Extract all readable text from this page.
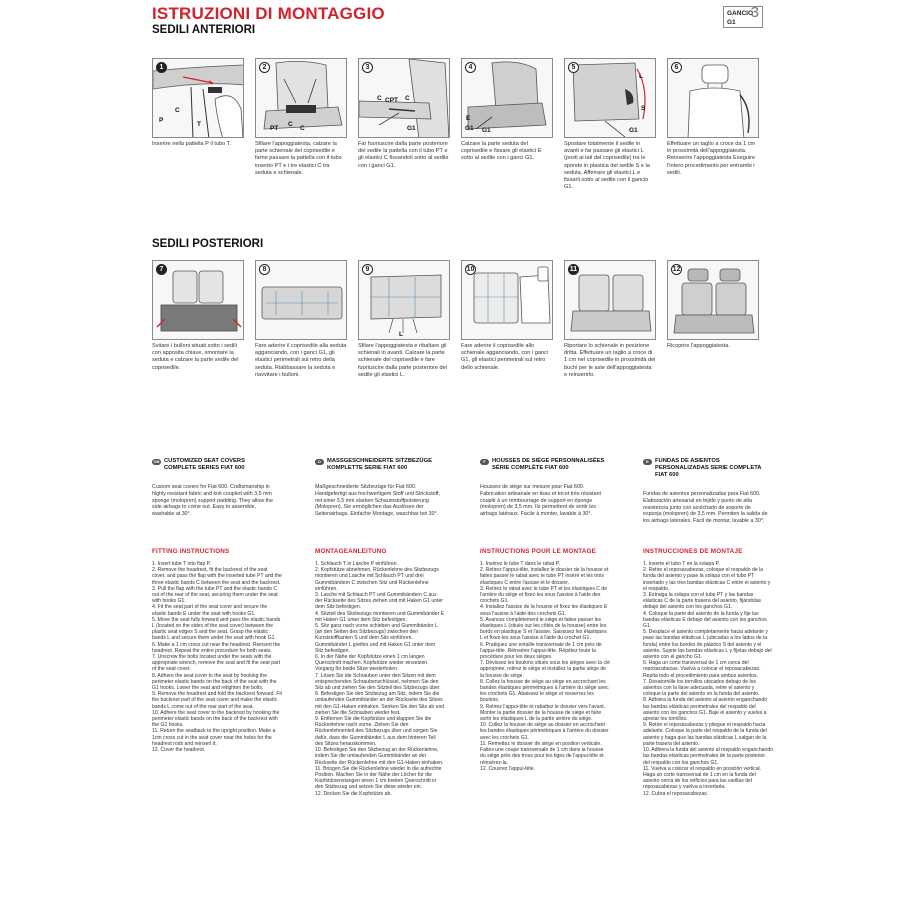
ISTRUZIONI DI MONTAGGIO
SEDILI ANTERIORI
GANCIO
G1
3
1
P
C
T
Inserire nella pattella P il tubo T.
2
PT
C
C
Sfilare l'appoggiatesta, calzare la parte schienale del coprisedile e farne passare la pattella con il tubo inserito PT e i tre elastici C tra seduta e schienale.
3
C CPT C
G1
Far fuoriuscire dalla parte posteriore del sedile la pattella con il tubo PT e gli elastici C fissandoli sotto al sedile con i ganci G1.
4
E
G1 G1
Calzare la parte seduta del coprisedile e fissare gli elastici E sotto al sedile con i ganci G1.
5
L
S
G1
Spostare totalmente il sedile in avanti e far passare gli elastici L (posti ai lati del coprisedile) tra le sponde in plastica del sedile S e la seduta. Afferrare gli elastici L e fissarli sotto al sedile con il gancio G1.
6
Effettuare un taglio a croce da 1 cm in prossimità dell'appoggiatesta. Reinserire l'appoggiatesta Eseguire l'intero procedimento per entrambi i sedili.
SEDILI POSTERIORI
7
Svitare i bulloni situati sotto i sedili con apposita chiave, smontare la seduta e calzare la parte sedile del coprisedile.
8
Fare aderire il coprisedile alla seduta agganciando, con i ganci G1, gli elastici perimetrali sul retro della seduta. Riabbassare la seduta e riavvitare i bulloni.
9
L
Sfilare l'appoggiatesta e ribaltare gli schienali in avanti. Calzare la parte schienale del coprisedile e fare fuoriuscire dalla parte posteriore del sedile gli elastici L.
10
Fare aderire il coprisedile allo schienale agganciando, con i ganci G1, gli elastici perimetrali sul retro dello schienale.
11
Riportare lo schienale in posizione dritta. Effettuare un taglio a croce di 1 cm nel coprisedile in prossimità dei buchi per le aste dell'appoggiatesta e reinserirlo.
12
Ricoprire l'appoggiatesta.
GB CUSTOMIZED SEAT COVERS COMPLETE SERIES FIAT 600
Custom seat covers for Fiat 600. Craftsmanship in highly resistant fabric and knit coupled with 3,5 mm sponge (molopren) support padding. They allow the side airbags to come out. Easy to assemble, washable at 30°.
D	MASSGESCHNEIDERTE SITZBEZÜGE KOMPLETTE SERIE FIAT 600
Maßgeschneiderte Sitzbezüge für Fiat 600. Handgefertigt aus hochwertigem Stoff und Strickstoff, mit einer 3,5 mm starken Schaumstoffpolsterung (Molopren). Sie ermöglichen das Auslösen der Seitenairbags. Einfache Montage, waschbar bei 30°.
F	HOUSSES DE SIÈGE PERSONNALISÉES SÉRIE COMPLÈTE FIAT 600
Housses de siège sur mesure pour Fiat 600. Fabrication artisanale en tissu et tricot très résistant couplé à un rembourrage de support en éponge (molopren) de 3,5 mm. Ils permettent de sortir les airbags latéraux. Facile à monter, lavable à 30°.
E	FUNDAS DE ASIENTOS PERSONALIZADAS SERIE COMPLETA FIAT 600
Fundas de asientos personalizadas para Fiat 600. Elaboración artesanal en tejido y punto de alta resistencia junto con acolchado de soporte de esponja (molopren) de 3,5 mm. Permiten la salida de los airbags laterales. Fácil de montar, lavable a 30°.
FITTING INSTRUCTIONS
1. Insert tube T into flap P.
2. Remove the headrest, fit the backrest of the seat cover, and pass the flap with the inserted tube PT and the three elastic bands C between the seat and the backrest.
3. Pull the flap with the tube PT and the elastic bands C out of the rear of the seat, securing them under the seat with hooks G1.
4. Fit the seat part of the seat cover and secure the elastic bands E under the seat with hooks G1.
5. Move the seat fully forward and pass the elastic bands L (located on the sides of the seat cover) between the plastic seat edges S and the seat. Grasp the elastic bands L and secure them under the seat with hook G1.
6. Make a 1 cm cross cut near the headrest. Reinsert the headrest. Repeat the entire procedure for both seats.
7. Unscrew the bolts located under the seats with the appropriate wrench, remove the seat and fit the seat part of the seat cover.
8. Adhere the seat cover to the seat by hooking the perimeter elastic bands on the back of the seat with the G1 hooks. Lower the seat and retighten the bolts.
9. Remove the headrest and fold the backrest forward. Fit the backrest part of the seat cover and make the elastic bands L come out of the rear part of the seat.
10. Adhere the seat cover to the backrest by hooking the perimeter elastic bands on the back of the backrest with the G1 hooks.
11. Return the seatback to the upright position. Make a 1cm cross cut in the seat cover near the holes for the headrest rods and reinsert it.
12. Cover the headrest.
MONTAGEANLEITUNG
1. Schlauch T in Lasche P einführen.
2. Kopfstütze abnehmen, Rückenlehne des Sitzbezugs montieren und Lasche mit Schlauch PT und drei Gummibändern C zwischen Sitz und Rückenlehne einführen.
3. Lasche mit Schlauch PT und Gummibändern C aus der Rückseite des Sitzes ziehen und mit Haken G1 unter dem Sitz befestigen.
4. Sitzteil des Sitzbezugs montieren und Gummibänder E mit Haken G1 unter dem Sitz befestigen.
5. Sitz ganz nach vorne schieben und Gummibänder L (an den Seiten des Sitzbezugs) zwischen den Kunststoffkanten S und dem Sitz einführen. Gummibänder L greifen und mit Haken G1 unter dem Sitz befestigen.
6. In der Nähe der Kopfstütze einen 1 cm langen Querschnitt machen. Kopfstütze wieder einsetzen. Vorgang für beide Sitze wiederholen.
7. Lösen Sie die Schrauben unter den Sitzen mit dem entsprechenden Schraubenschlüssel, nehmen Sie den Sitz ab und ziehen Sie den Sitzteil des Sitzbezugs über.
8. Befestigen Sie den Sitzbezug am Sitz, indem Sie die umlaufenden Gummibänder an der Rückseite des Sitzes mit den G1-Haken einhaken. Senken Sie den Sitz ab und ziehen Sie die Schrauben wieder fest.
9. Entfernen Sie die Kopfstütze und klappen Sie die Rückenlehne nach vorne. Ziehen Sie den Rückenlehnenteil des Sitzbezugs über und sorgen Sie dafür, dass die Gummibänder L aus dem hinteren Teil des Sitzes herauskommen.
10. Befestigen Sie den Sitzbezug an der Rückenlehne, indem Sie die umlaufenden Gummibänder an der Rückseite der Rückenlehne mit den G1-Haken einhaken.
11. Bringen Sie die Rückenlehne wieder in die aufrechte Position. Machen Sie in der Nähe der Löcher für die Kopfstützenstangen einen 1 cm breiten Querschnitt in den Sitzbezug und setzen Sie diese wieder ein.
12. Decken Sie die Kopfstütze ab.
INSTRUCTIONS POUR LE MONTAGE
1. Insérez le tube T dans le rabat P.
2. Retirez l'appui-tête, installez le dossier de la housse et faites passer le rabat avec le tube PT inséré et les trois élastiques C entre l'assise et le dossier.
3. Retirez le rabat avec le tube PT et les élastiques C de l'arrière du siège et fixez-les sous l'assise à l'aide des crochets G1.
4. Installez l'assise de la housse et fixez les élastiques E sous l'assise à l'aide des crochets G1.
5. Avancez complètement le siège et faites passer les élastiques L (situés sur les côtés de la housse) entre les bords en plastique S et l'assise. Saisissez les élastiques L et fixez-les sous l'assise à l'aide du crochet G1.
6. Pratiquez une entaille transversale de 1 cm près de l'appui-tête. Réinsérer l'appui-tête. Répétez toute la procédure pour les deux sièges.
7. Dévissez les boulons situés sous les sièges avec la clé appropriée, retirez le siège et installez la partie siège de la housse de siège.
8. Collez la housse de siège au siège en accrochant les bandes élastiques périmétriques à l'arrière du siège avec les crochets G1. Abaissez le siège et resserrez les boulons.
9. Retirez l'appui-tête et rabattez le dossier vers l'avant. Monter la partie dossier de la housse de siège et faire sortir les élastiques L de la partie arrière du siège.
10. Collez la housse de siège au dossier en accrochant les bandes élastiques périmétriques à l'arrière du dossier avec les crochets G1.
11. Remettez le dossier de siège en position verticale. Faites une coupe transversale de 1 cm dans la housse du siège près des trous pour les tiges de l'appui-tête et réinsérez-la.
12. Couvrez l'appui-tête.
INSTRUCCIONES DE MONTAJE
1. Inserte el tubo T en la solapa P.
2. Retire el reposacabezas, coloque el respaldo de la funda del asiento y pase la solapa con el tubo PT insertado y las tres bandas elásticas C entre el asiento y el respaldo.
3. Extraiga la solapa con el tubo PT y las bandas elásticas C de la parte trasera del asiento, fijándolas debajo del asiento con los ganchos G1.
4. Coloque la parte del asiento de la funda y fije las bandas elásticas E debajo del asiento con los ganchos G1.
5. Desplace el asiento completamente hacia adelante y pase las bandas elásticas L (ubicadas a los lados de la funda) entre los bordes de plástico S del asiento y el asiento. Sujete las bandas elásticas L y fíjelas debajo del asiento con el gancho G1.
6. Haga un corte transversal de 1 cm cerca del reposacabezas. Vuelva a colocar el reposacabezas. Repita todo el procedimiento para ambos asientos.
7. Desatornille los tornillos ubicados debajo de los asientos con la llave adecuada, retire el asiento y coloque la parte del asiento en la funda del asiento.
8. Adhiera la funda del asiento al asiento enganchando las bandas elásticas perimetrales del respaldo del asiento con los ganchos G1. Baje el asiento y vuelva a apretar los tornillos.
9. Retire el reposacabezas y pliegue el respaldo hacia adelante. Coloque la parte del respaldo de la funda del asiento y haga que las bandas elásticas L salgan de la parte trasera del asiento.
10. Adhiera la funda del asiento al respaldo enganchando las bandas elásticas perimetrales de la parte posterior del respaldo con los ganchos G1.
11. Vuelva a colocar el respaldo en posición vertical. Haga un corte transversal de 1 cm en la funda del asiento cerca de los orificios para las varillas del reposacabezas y vuelva a insertarla.
12. Cubra el reposacabezas.
